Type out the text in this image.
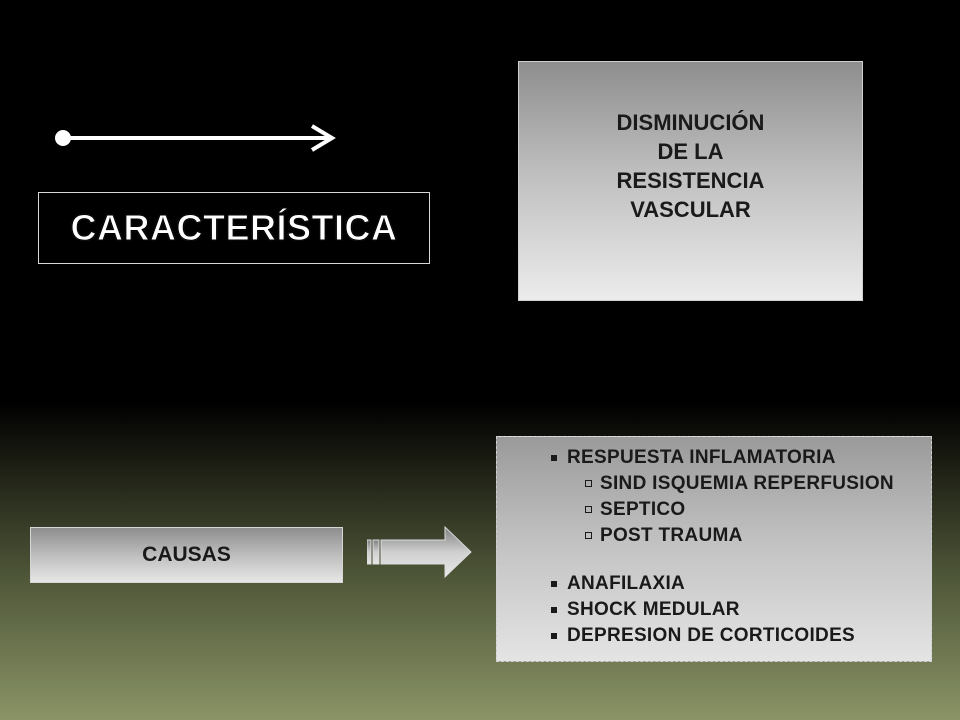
CARACTERÍSTICA
DISMINUCIÓN
DE LA
RESISTENCIA
VASCULAR
CAUSAS
RESPUESTA INFLAMATORIA
SIND ISQUEMIA REPERFUSION
SEPTICO
POST TRAUMA
ANAFILAXIA
SHOCK MEDULAR
DEPRESION DE CORTICOIDES
